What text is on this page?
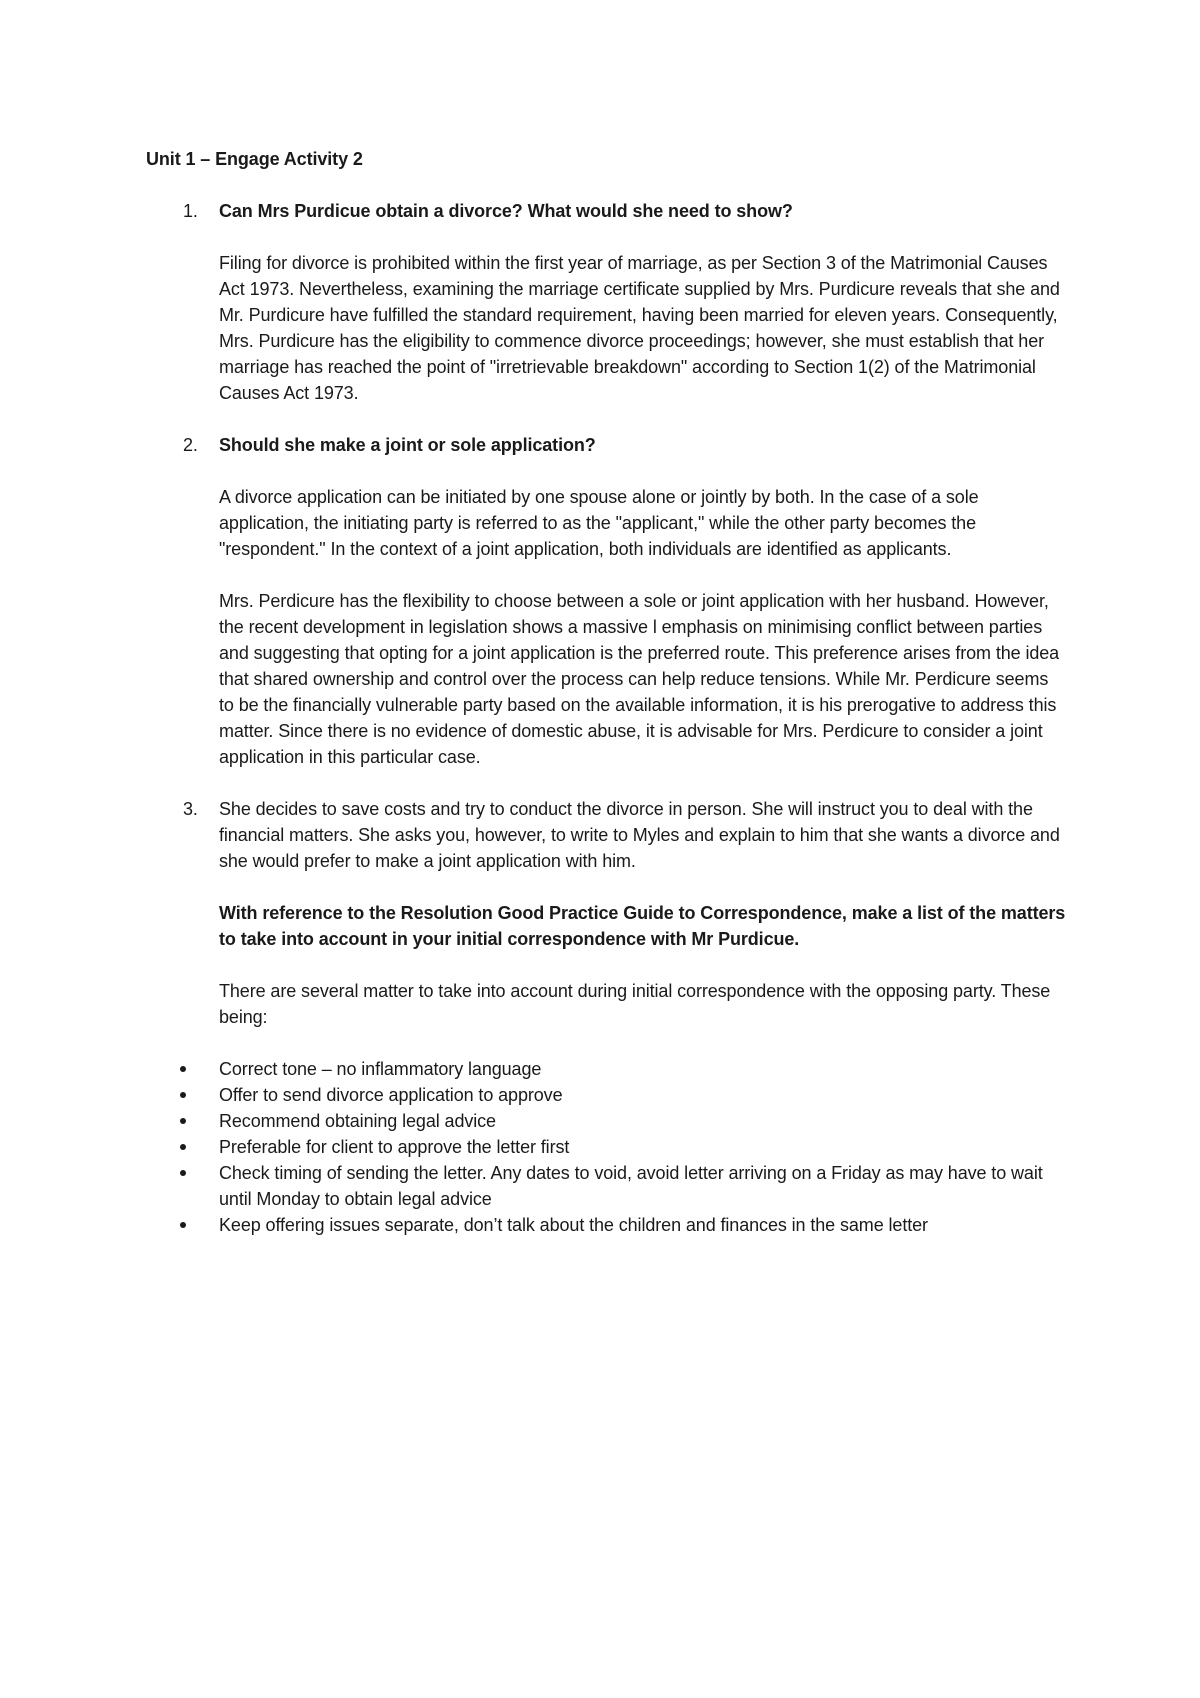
Unit 1 – Engage Activity 2

1. Can Mrs Purdicue obtain a divorce? What would she need to show?

Filing for divorce is prohibited within the first year of marriage, as per Section 3 of the Matrimonial Causes Act 1973. Nevertheless, examining the marriage certificate supplied by Mrs. Purdicure reveals that she and Mr. Purdicure have fulfilled the standard requirement, having been married for eleven years. Consequently, Mrs. Purdicure has the eligibility to commence divorce proceedings; however, she must establish that her marriage has reached the point of "irretrievable breakdown" according to Section 1(2) of the Matrimonial Causes Act 1973.

2. Should she make a joint or sole application?

A divorce application can be initiated by one spouse alone or jointly by both. In the case of a sole application, the initiating party is referred to as the "applicant," while the other party becomes the "respondent." In the context of a joint application, both individuals are identified as applicants.

Mrs. Perdicure has the flexibility to choose between a sole or joint application with her husband. However, the recent development in legislation shows a massive l emphasis on minimising conflict between parties and suggesting that opting for a joint application is the preferred route. This preference arises from the idea that shared ownership and control over the process can help reduce tensions. While Mr. Perdicure seems to be the financially vulnerable party based on the available information, it is his prerogative to address this matter. Since there is no evidence of domestic abuse, it is advisable for Mrs. Perdicure to consider a joint application in this particular case.

3. She decides to save costs and try to conduct the divorce in person. She will instruct you to deal with the financial matters. She asks you, however, to write to Myles and explain to him that she wants a divorce and she would prefer to make a joint application with him.

With reference to the Resolution Good Practice Guide to Correspondence, make a list of the matters to take into account in your initial correspondence with Mr Purdicue.

There are several matter to take into account during initial correspondence with the opposing party. These being:

Correct tone – no inflammatory language
Offer to send divorce application to approve
Recommend obtaining legal advice
Preferable for client to approve the letter first
Check timing of sending the letter. Any dates to void, avoid letter arriving on a Friday as may have to wait until Monday to obtain legal advice
Keep offering issues separate, don’t talk about the children and finances in the same letter
